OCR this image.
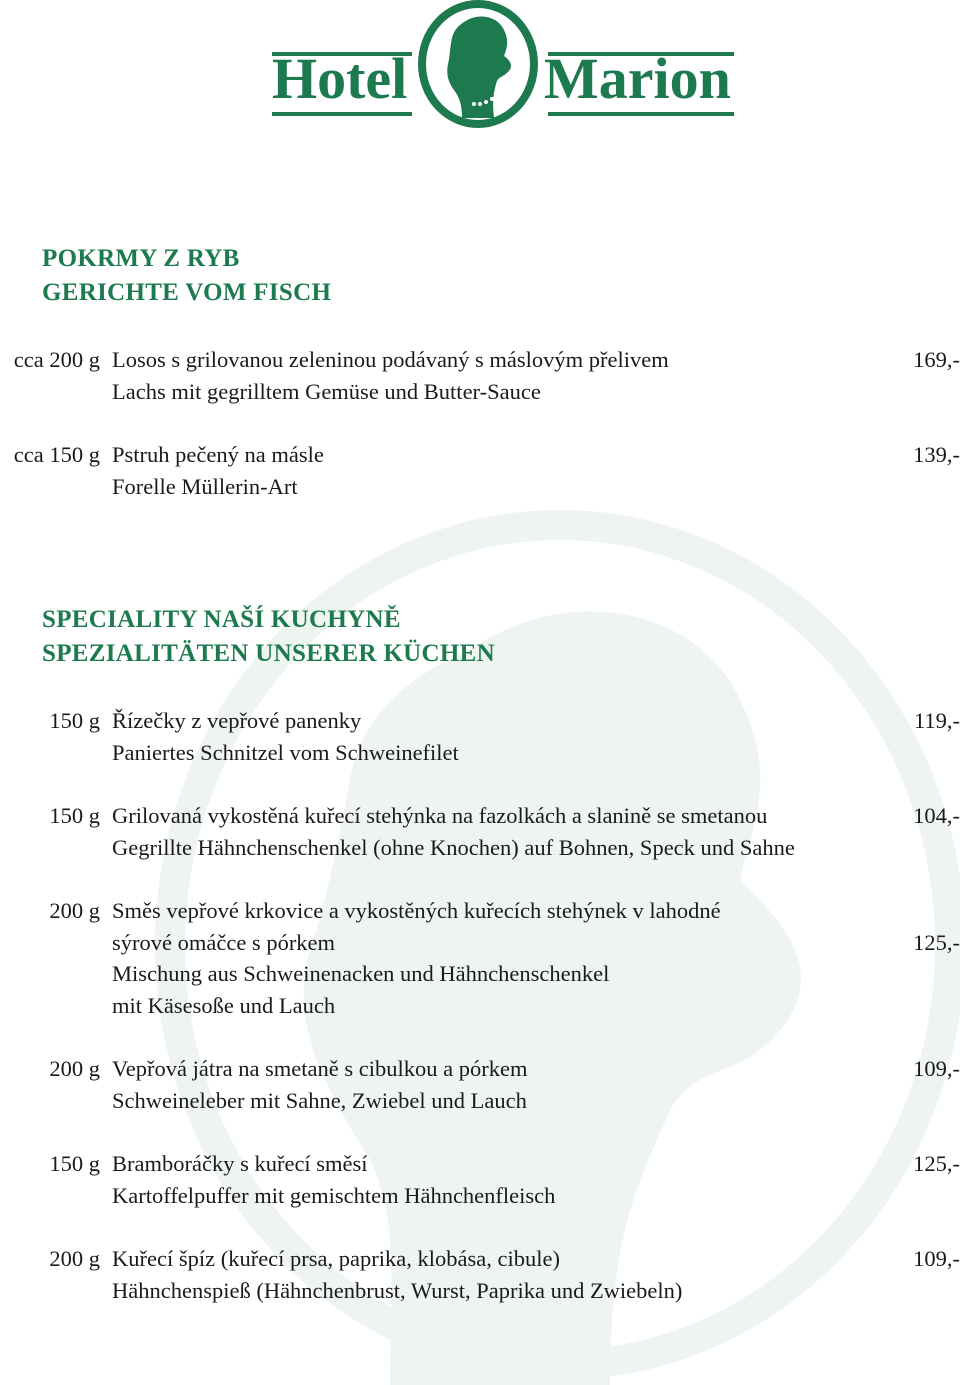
Hotel Marion
POKRMY Z RYB
GERICHTE VOM FISCH
cca 200 g Losos s grilovanou zeleninou podávaný s máslovým přelivem
Lachs mit gegrilltem Gemüse und Butter-Sauce
169,-
cca 150 g Pstruh pečený na másle
Forelle Müllerin-Art
139,-
SPECIALITY NAŠÍ KUCHYNĚ
SPEZIALITÄTEN UNSERER KÜCHEN
150 g Řízečky z vepřové panenky
Paniertes Schnitzel vom Schweinefilet
119,-
150 g Grilovaná vykostěná kuřecí stehýnka na fazolkách a slanině se smetanou
Gegrillte Hähnchenschenkel (ohne Knochen) auf Bohnen, Speck und Sahne
104,-
200 g Směs vepřové krkovice a vykostěných kuřecích stehýnek v lahodné
sýrové omáčce s pórkem
Mischung aus Schweinenacken und Hähnchenschenkel
mit Käsesoße und Lauch
125,-
200 g Vepřová játra na smetaně s cibulkou a pórkem
Schweineleber mit Sahne, Zwiebel und Lauch
109,-
150 g Bramboráčky s kuřecí směsí
Kartoffelpuffer mit gemischtem Hähnchenfleisch
125,-
200 g Kuřecí špíz (kuřecí prsa, paprika, klobása, cibule)
Hähnchenspieß (Hähnchenbrust, Wurst, Paprika und Zwiebeln)
109,-
